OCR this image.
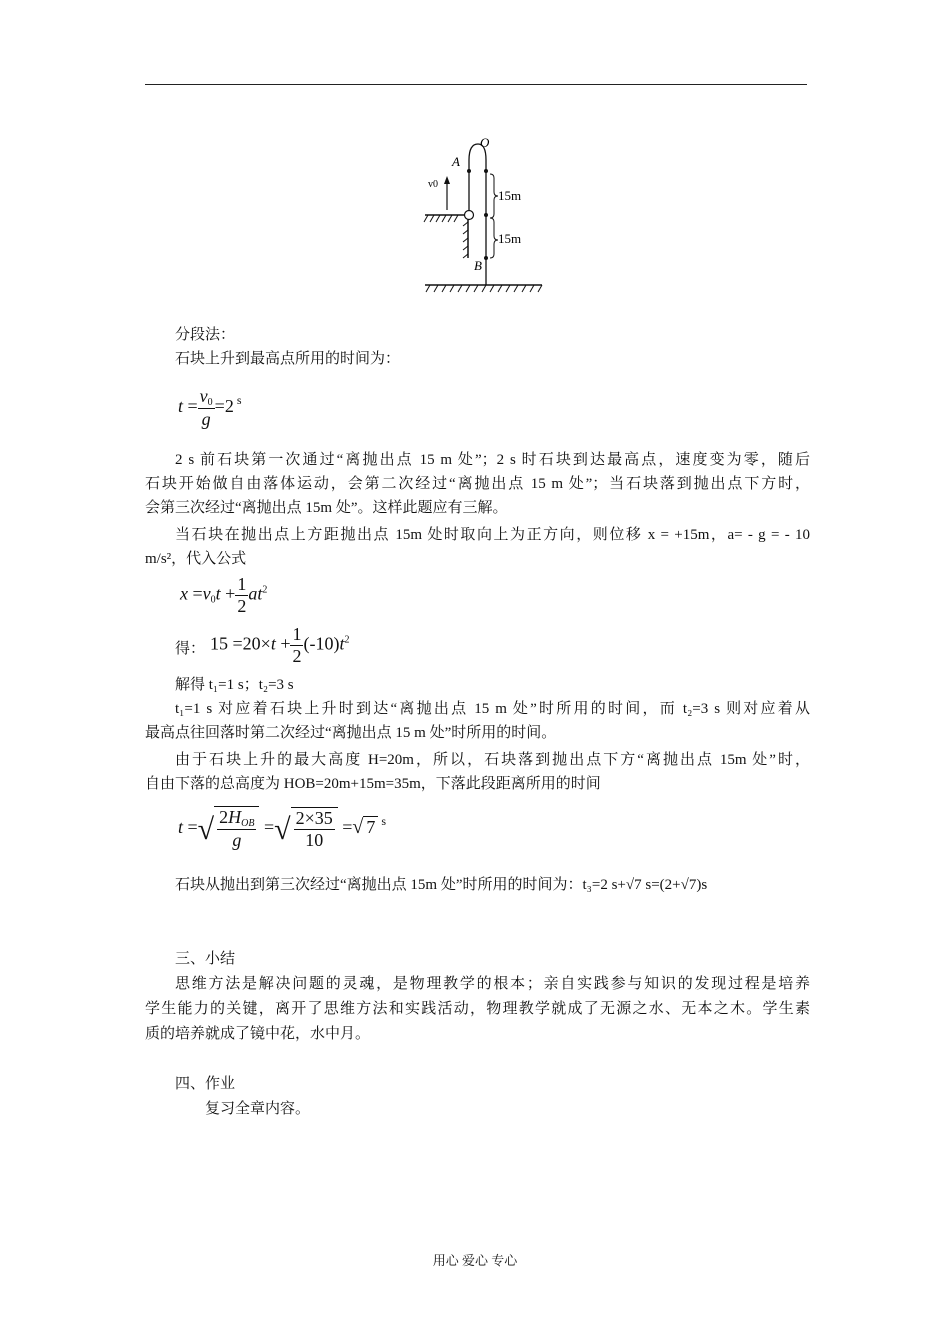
O
A
B
v0
15m
15m
分段法：
石块上升到最高点所用的时间为：
$t = \frac{v_0}{g} =2$ $^s$
2 s 前石块第一次通过“离抛出点 15 m 处”；2 s 时石块到达最高点，速度变为零，随后
石块开始做自由落体运动，会第二次经过“离抛出点 15 m 处”；当石块落到抛出点下方时，
会第三次经过“离抛出点 15m 处”。这样此题应有三解。
当石块在抛出点上方距抛出点 15m 处时取向上为正方向，则位移 x = +15m，a= - g = - 10
m/s²，代入公式
$x =v_0t + \frac{1}{2} at^2$
得： $15 =20\times t + \frac{1}{2} (-10)t^2$
解得 t₁=1 s；t₂=3 s
t₁=1 s 对应着石块上升时到达“离抛出点 15 m 处”时所用的时间，而 t₂=3 s 则对应着从
最高点往回落时第二次经过“离抛出点 15 m 处”时所用的时间。
由于石块上升的最大高度 H=20m，所以，石块落到抛出点下方“离抛出点 15m 处”时，
自由下落的总高度为 HOB=20m+15m=35m，下落此段距离所用的时间
t =√ $\frac{2H_{OB}}{g}$ =√ $\frac{2\times 35}{10}$ =√ 7 $^s$
石块从抛出到第三次经过“离抛出点 15m 处”时所用的时间为：t₃=2 s+√7 s=(2+√7)s
三、小结
思维方法是解决问题的灵魂，是物理教学的根本；亲自实践参与知识的发现过程是培养
学生能力的关键，离开了思维方法和实践活动，物理教学就成了无源之水、无本之木。学生素
质的培养就成了镜中花，水中月。
四、作业
复习全章内容。
用心 爱心 专心
